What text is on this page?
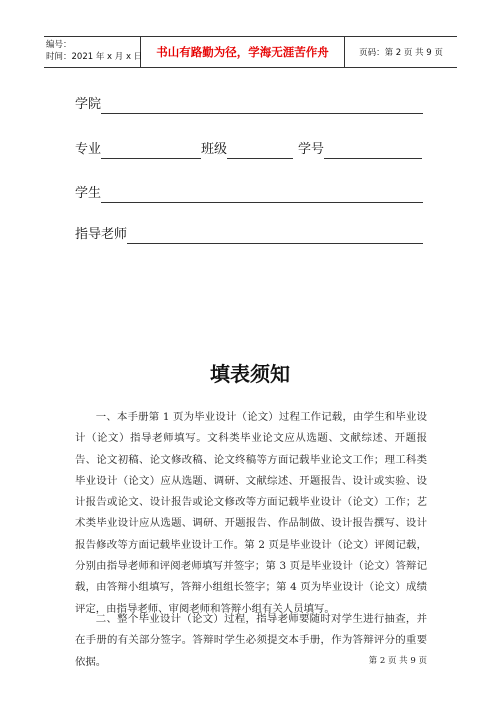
编号：
时间：2021 年 x 月 x 日 书山有路勤为径，学海无涯苦作舟	页码：第 2 页 共 9 页
学院
专业	班级	学号
学生
指导老师
填表须知
一、本手册第 1 页为毕业设计（论文）过程工作记载，由学生和毕业设计（论文）指导老师填写。文科类毕业论文应从选题、文献综述、开题报告、论文初稿、论文修改稿、论文终稿等方面记载毕业论文工作；理工科类毕业设计（论文）应从选题、调研、文献综述、开题报告、设计或实验、设计报告或论文、设计报告或论文修改等方面记载毕业设计（论文）工作；艺术类毕业设计应从选题、调研、开题报告、作品制做、设计报告撰写、设计报告修改等方面记载毕业设计工作。第 2 页是毕业设计（论文）评阅记载，分别由指导老师和评阅老师填写并签字；第 3 页是毕业设计（论文）答辩记载，由答辩小组填写，答辩小组组长签字；第 4 页为毕业设计（论文）成绩评定，由指导老师、审阅老师和答辩小组有关人员填写。
二、整个毕业设计（论文）过程，指导老师要随时对学生进行抽查，并在手册的有关部分签字。答辩时学生必须提交本手册，作为答辩评分的重要依据。	第 2 页 共 9 页
